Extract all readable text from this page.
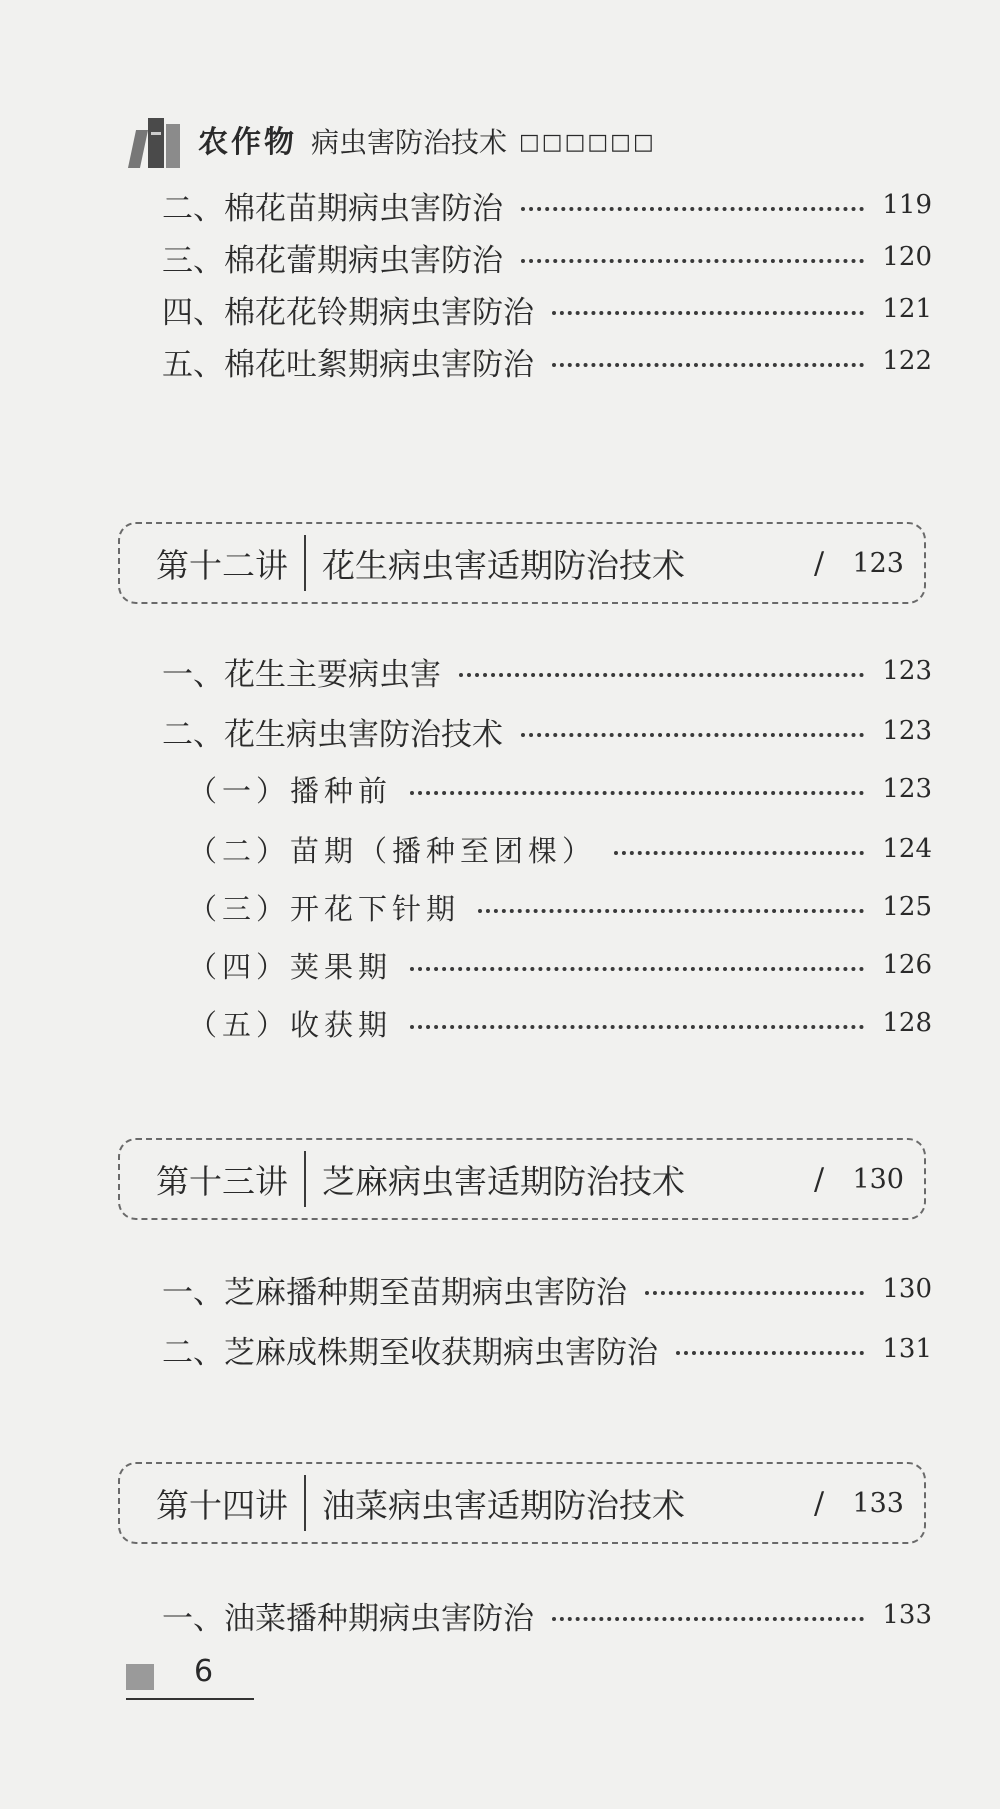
农作物 病虫害防治技术 □□□□□□
二、棉花苗期病虫害防治	119
三、棉花蕾期病虫害防治	120
四、棉花花铃期病虫害防治	121
五、棉花吐絮期病虫害防治	122
第十二讲	花生病虫害适期防治技术	/	123
一、花生主要病虫害	123
二、花生病虫害防治技术	123
（一）播种前	123
（二）苗期（播种至团棵）	124
（三）开花下针期	125
（四）荚果期	126
（五）收获期	128
第十三讲	芝麻病虫害适期防治技术	/	130
一、芝麻播种期至苗期病虫害防治	130
二、芝麻成株期至收获期病虫害防治	131
第十四讲	油菜病虫害适期防治技术	/	133
一、油菜播种期病虫害防治	133
6
